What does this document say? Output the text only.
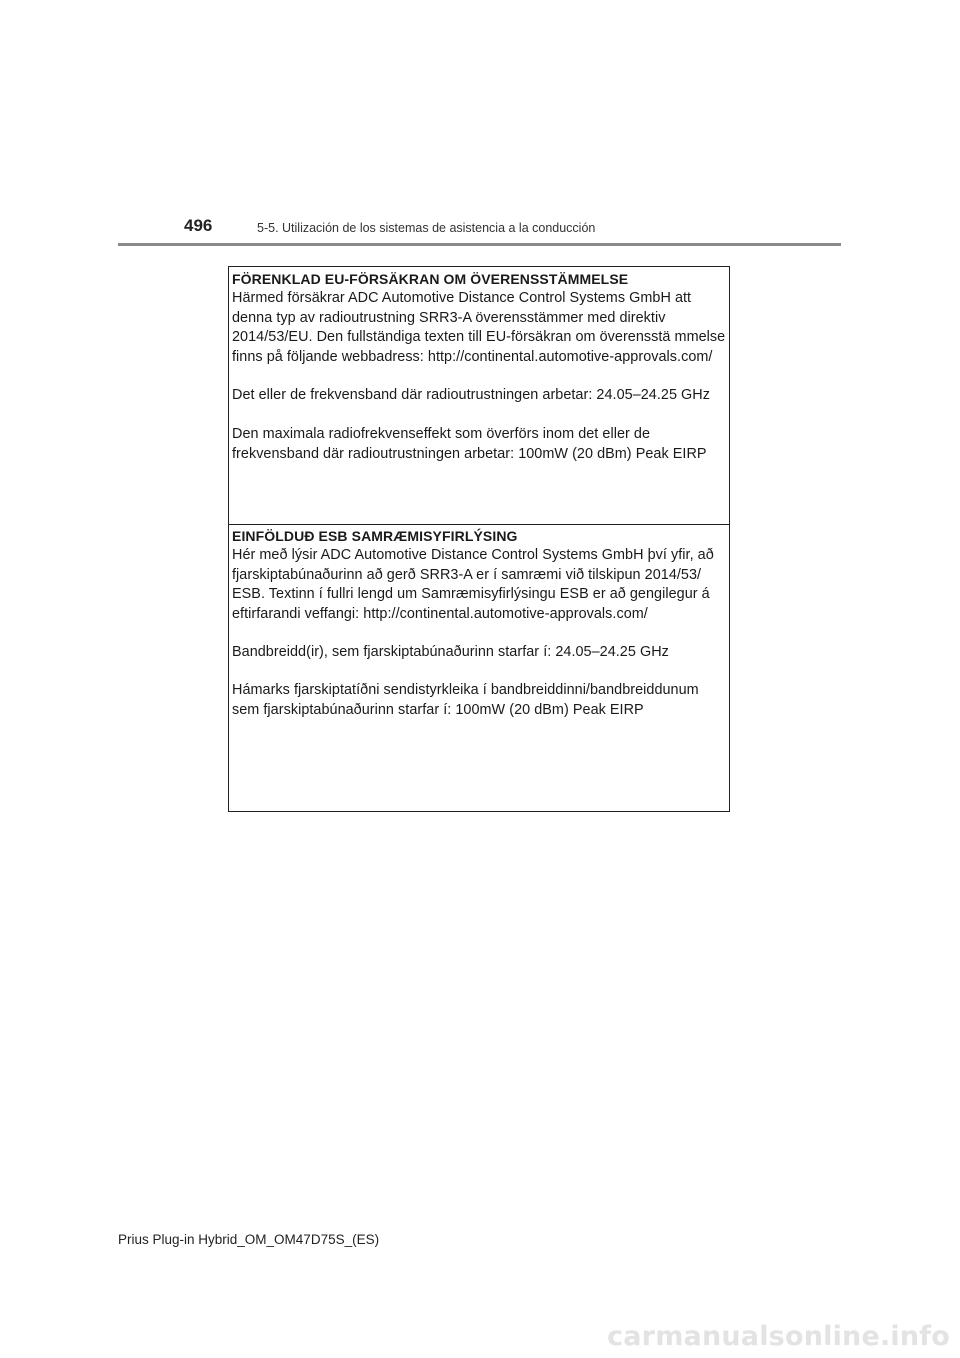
496	5-5. Utilización de los sistemas de asistencia a la conducción

FÖRENKLAD EU-FÖRSÄKRAN OM ÖVERENSSTÄMMELSE

Härmed försäkrar ADC Automotive Distance Control Systems GmbH att denna typ av radioutrustning SRR3-A överensstämmer med direktiv 2014/53/EU. Den fullständiga texten till EU-försäkran om överensstä mmelse finns på följande webbadress: http://continental.automotive-approvals.com/

Det eller de frekvensband där radioutrustningen arbetar: 24.05–24.25 GHz

Den maximala radiofrekvenseffekt som överförs inom det eller de frekvensband där radioutrustningen arbetar: 100mW (20 dBm) Peak EIRP

EINFÖLDUÐ ESB SAMRÆMISYFIRLÝSING

Hér með lýsir ADC Automotive Distance Control Systems GmbH því yfir, að fjarskiptabúnaðurinn að gerð SRR3-A er í samræmi við tilskipun 2014/53/ ESB. Textinn í fullri lengd um Samræmisyfirlýsingu ESB er að gengilegur á eftirfarandi veffangi: http://continental.automotive-approvals.com/

Bandbreidd(ir), sem fjarskiptabúnaðurinn starfar í: 24.05–24.25 GHz

Hámarks fjarskiptatíðni sendistyrkleika í bandbreiddinni/bandbreiddunum sem fjarskiptabúnaðurinn starfar í: 100mW (20 dBm) Peak EIRP

Prius Plug-in Hybrid_OM_OM47D75S_(ES)
carmanualsonline.info
